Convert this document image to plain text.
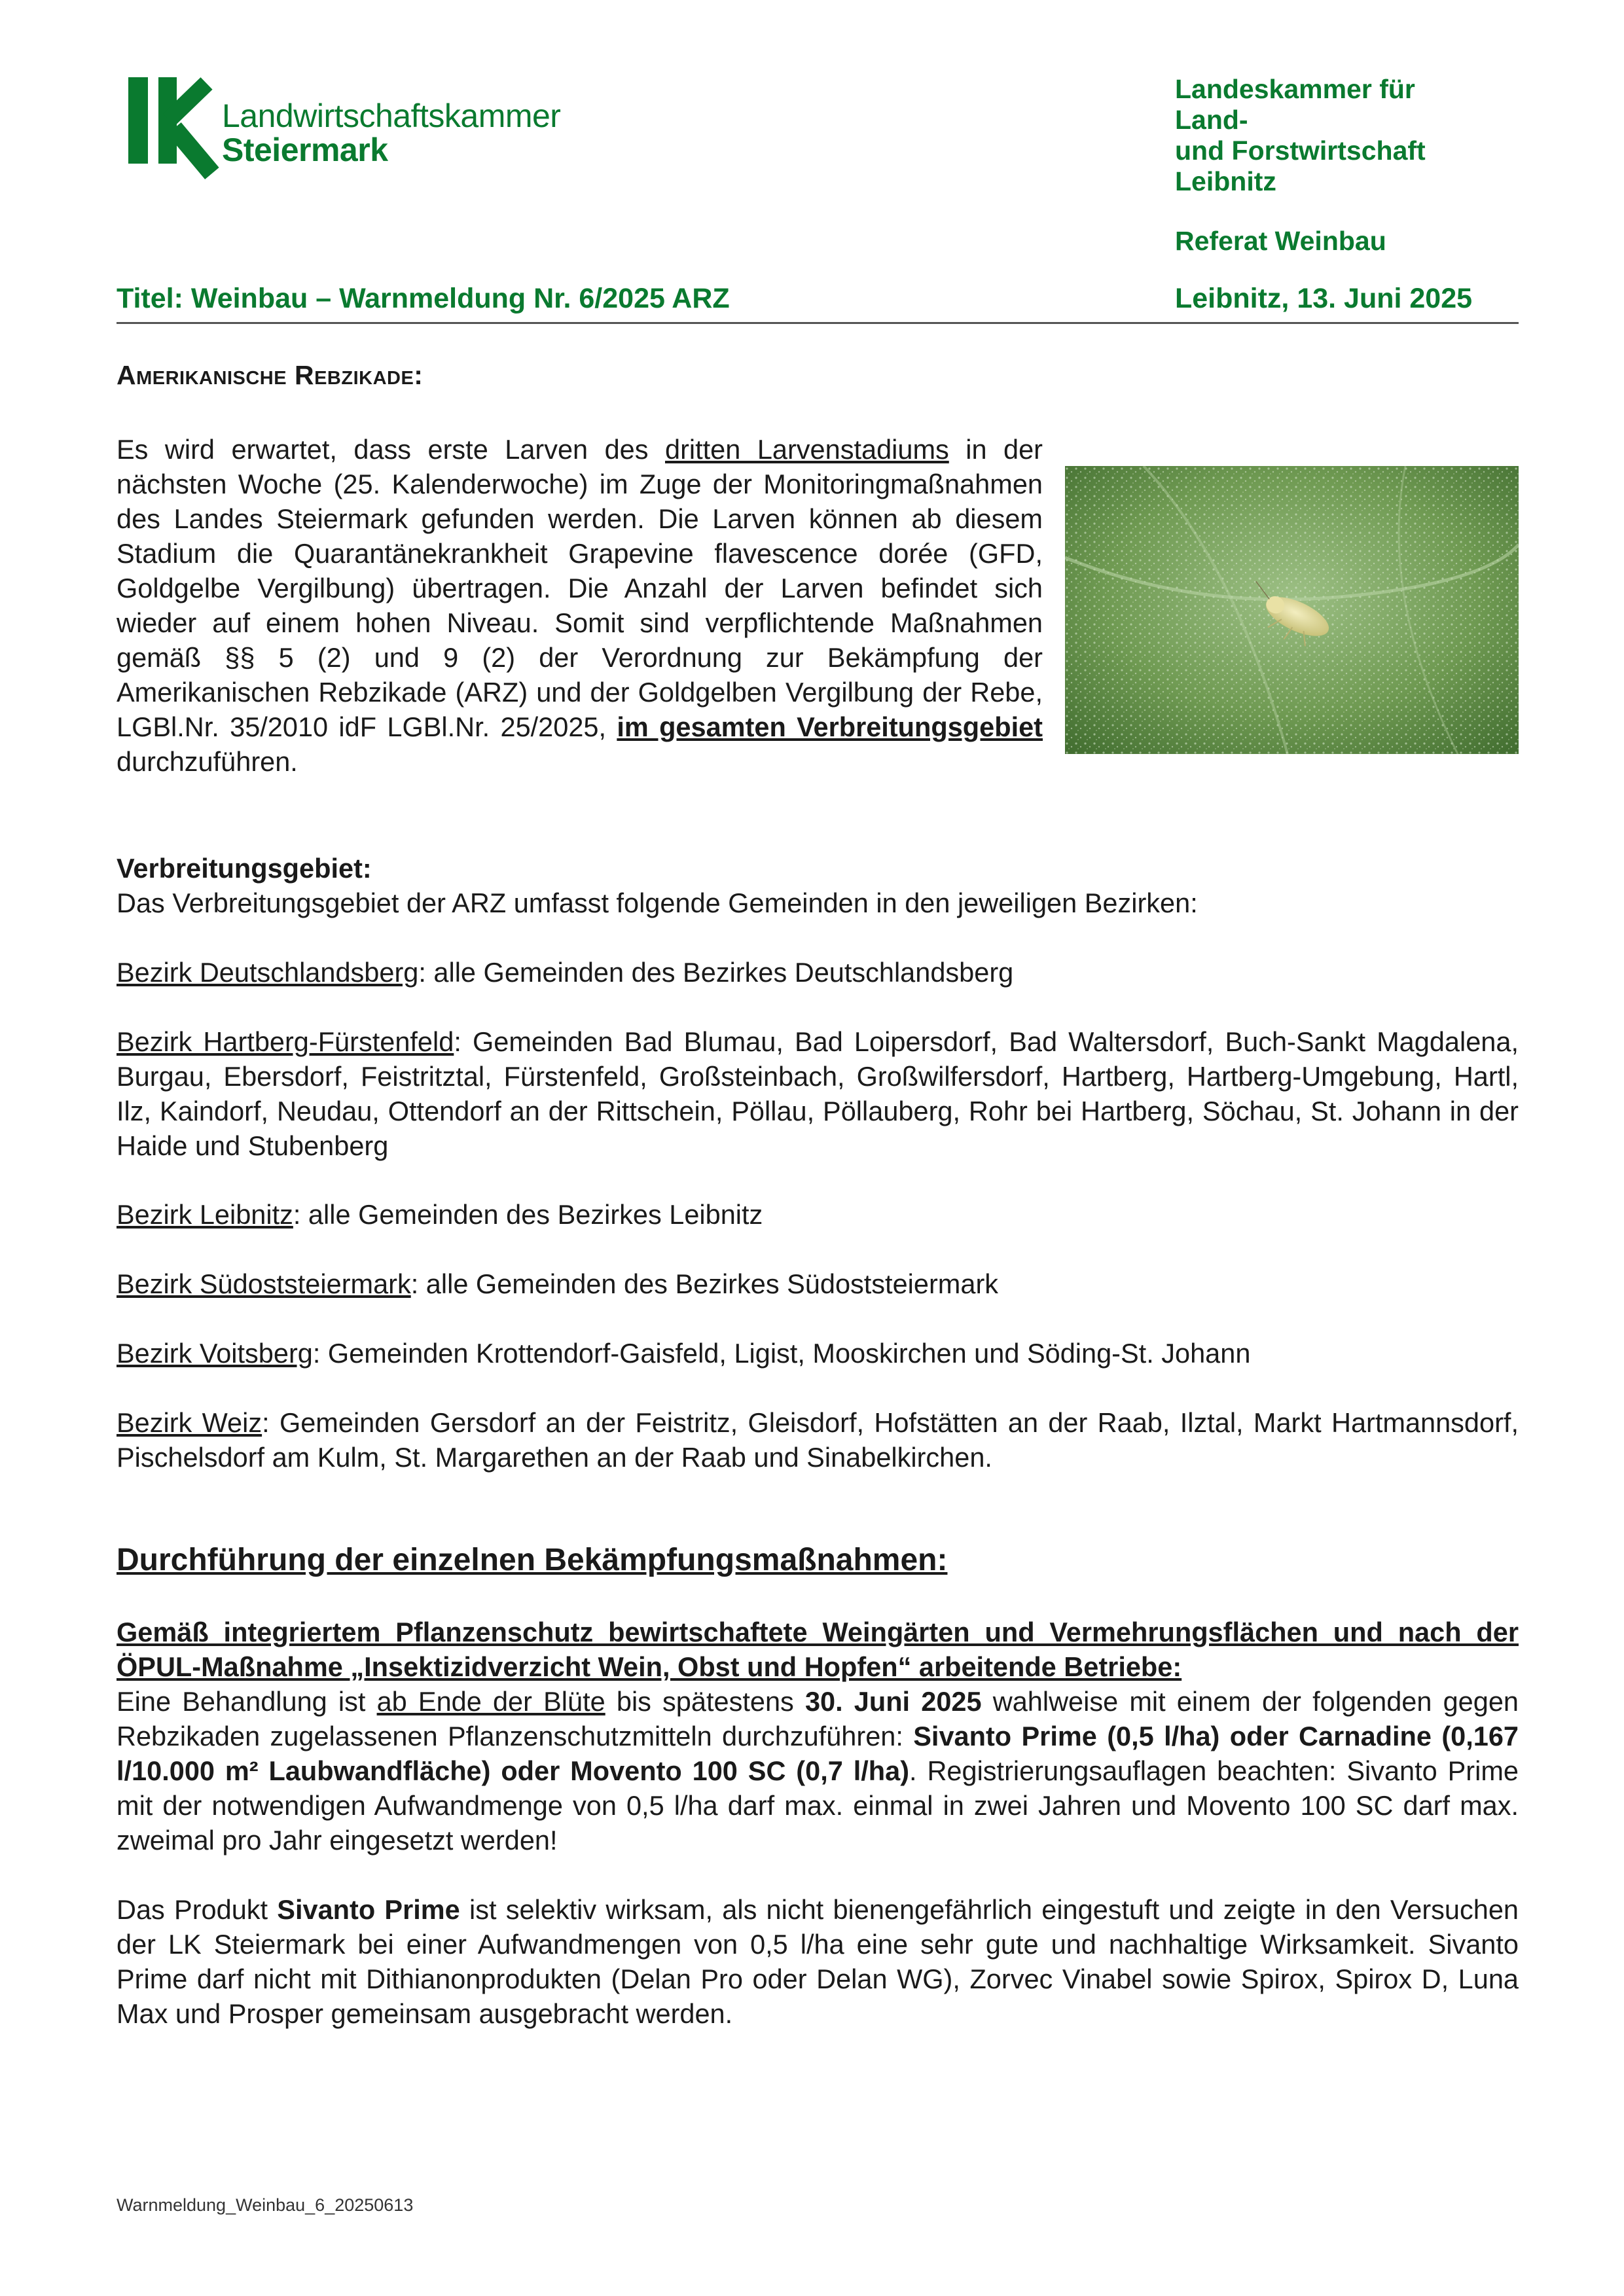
Landwirtschaftskammer
Steiermark
Landeskammer für
Land-
und Forstwirtschaft
Leibnitz
Referat Weinbau
Titel: Weinbau – Warnmeldung Nr. 6/2025 ARZ	Leibnitz, 13. Juni 2025
Amerikanische Rebzikade:
Es wird erwartet, dass erste Larven des dritten Larvenstadiums in der nächsten Woche (25. Kalenderwoche) im Zuge der Monitoringmaßnahmen des Landes Steiermark gefunden werden. Die Larven können ab diesem Stadium die Quarantänekrankheit Grapevine flavescence dorée (GFD, Goldgelbe Vergilbung) übertragen. Die Anzahl der Larven befindet sich wieder auf einem hohen Niveau. Somit sind verpflichtende Maßnahmen gemäß §§ 5 (2) und 9 (2) der Verordnung zur Bekämpfung der Amerikanischen Rebzikade (ARZ) und der Goldgelben Vergilbung der Rebe, LGBl.Nr. 35/2010 idF LGBl.Nr. 25/2025, im gesamten Verbreitungsgebiet durchzuführen.
Verbreitungsgebiet:
Das Verbreitungsgebiet der ARZ umfasst folgende Gemeinden in den jeweiligen Bezirken:
Bezirk Deutschlandsberg: alle Gemeinden des Bezirkes Deutschlandsberg
Bezirk Hartberg-Fürstenfeld: Gemeinden Bad Blumau, Bad Loipersdorf, Bad Waltersdorf, Buch-Sankt Magdalena, Burgau, Ebersdorf, Feistritztal, Fürstenfeld, Großsteinbach, Großwilfersdorf, Hartberg, Hartberg-Umgebung, Hartl, Ilz, Kaindorf, Neudau, Ottendorf an der Rittschein, Pöllau, Pöllauberg, Rohr bei Hartberg, Söchau, St. Johann in der Haide und Stubenberg
Bezirk Leibnitz: alle Gemeinden des Bezirkes Leibnitz
Bezirk Südoststeiermark: alle Gemeinden des Bezirkes Südoststeiermark
Bezirk Voitsberg: Gemeinden Krottendorf-Gaisfeld, Ligist, Mooskirchen und Söding-St. Johann
Bezirk Weiz: Gemeinden Gersdorf an der Feistritz, Gleisdorf, Hofstätten an der Raab, Ilztal, Markt Hartmannsdorf, Pischelsdorf am Kulm, St. Margarethen an der Raab und Sinabelkirchen.
Durchführung der einzelnen Bekämpfungsmaßnahmen:
Gemäß integriertem Pflanzenschutz bewirtschaftete Weingärten und Vermehrungsflächen und nach der ÖPUL-Maßnahme „Insektizidverzicht Wein, Obst und Hopfen“ arbeitende Betriebe:
Eine Behandlung ist ab Ende der Blüte bis spätestens 30. Juni 2025 wahlweise mit einem der folgenden gegen Rebzikaden zugelassenen Pflanzenschutzmitteln durchzuführen: Sivanto Prime (0,5 l/ha) oder Carnadine (0,167 l/10.000 m² Laubwandfläche) oder Movento 100 SC (0,7 l/ha). Registrierungsauflagen beachten: Sivanto Prime mit der notwendigen Aufwandmenge von 0,5 l/ha darf max. einmal in zwei Jahren und Movento 100 SC darf max. zweimal pro Jahr eingesetzt werden!
Das Produkt Sivanto Prime ist selektiv wirksam, als nicht bienengefährlich eingestuft und zeigte in den Versuchen der LK Steiermark bei einer Aufwandmengen von 0,5 l/ha eine sehr gute und nachhaltige Wirksamkeit. Sivanto Prime darf nicht mit Dithianonprodukten (Delan Pro oder Delan WG), Zorvec Vinabel sowie Spirox, Spirox D, Luna Max und Prosper gemeinsam ausgebracht werden.
Warnmeldung_Weinbau_6_20250613
